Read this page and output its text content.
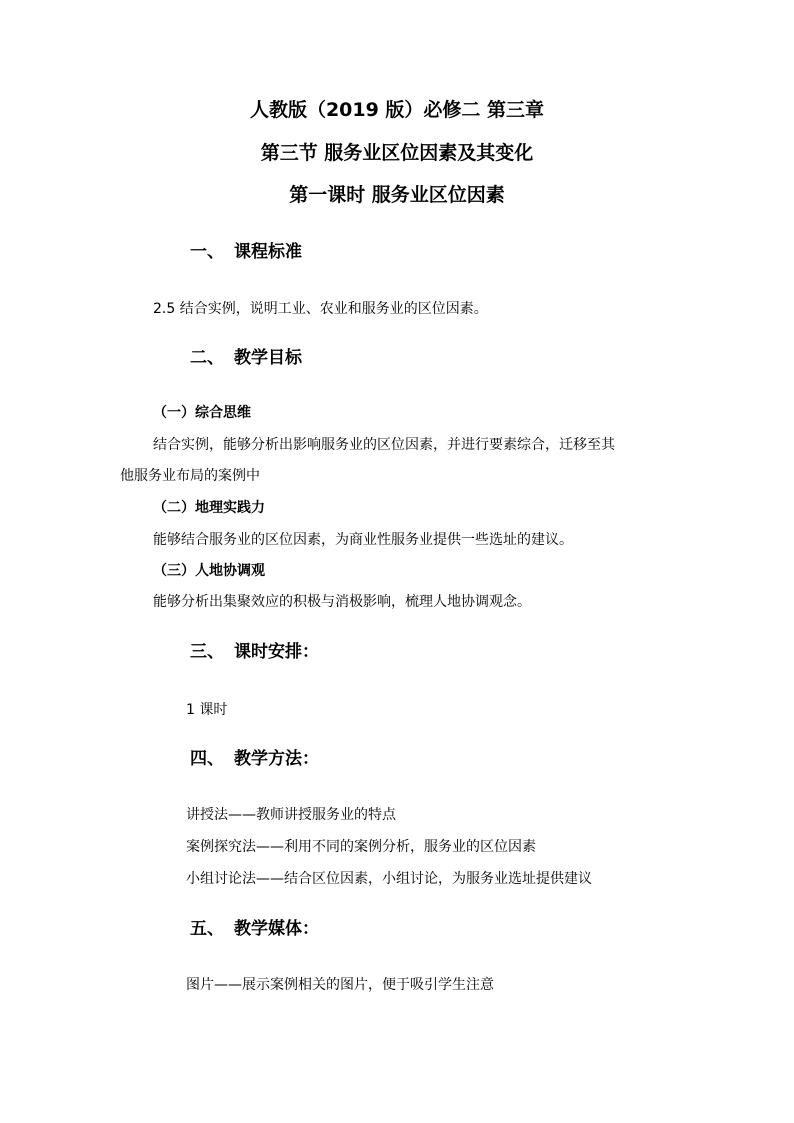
人教版（2019 版）必修二 第三章
第三节 服务业区位因素及其变化
第一课时 服务业区位因素
一、 课程标准
2.5 结合实例，说明工业、农业和服务业的区位因素。
二、 教学目标
（一）综合思维
结合实例，能够分析出影响服务业的区位因素，并进行要素综合，迁移至其
他服务业布局的案例中
（二）地理实践力
能够结合服务业的区位因素，为商业性服务业提供一些选址的建议。
（三）人地协调观
能够分析出集聚效应的积极与消极影响，梳理人地协调观念。
三、 课时安排：
1 课时
四、 教学方法：
讲授法——教师讲授服务业的特点
案例探究法——利用不同的案例分析，服务业的区位因素
小组讨论法——结合区位因素，小组讨论，为服务业选址提供建议
五、 教学媒体：
图片——展示案例相关的图片，便于吸引学生注意
